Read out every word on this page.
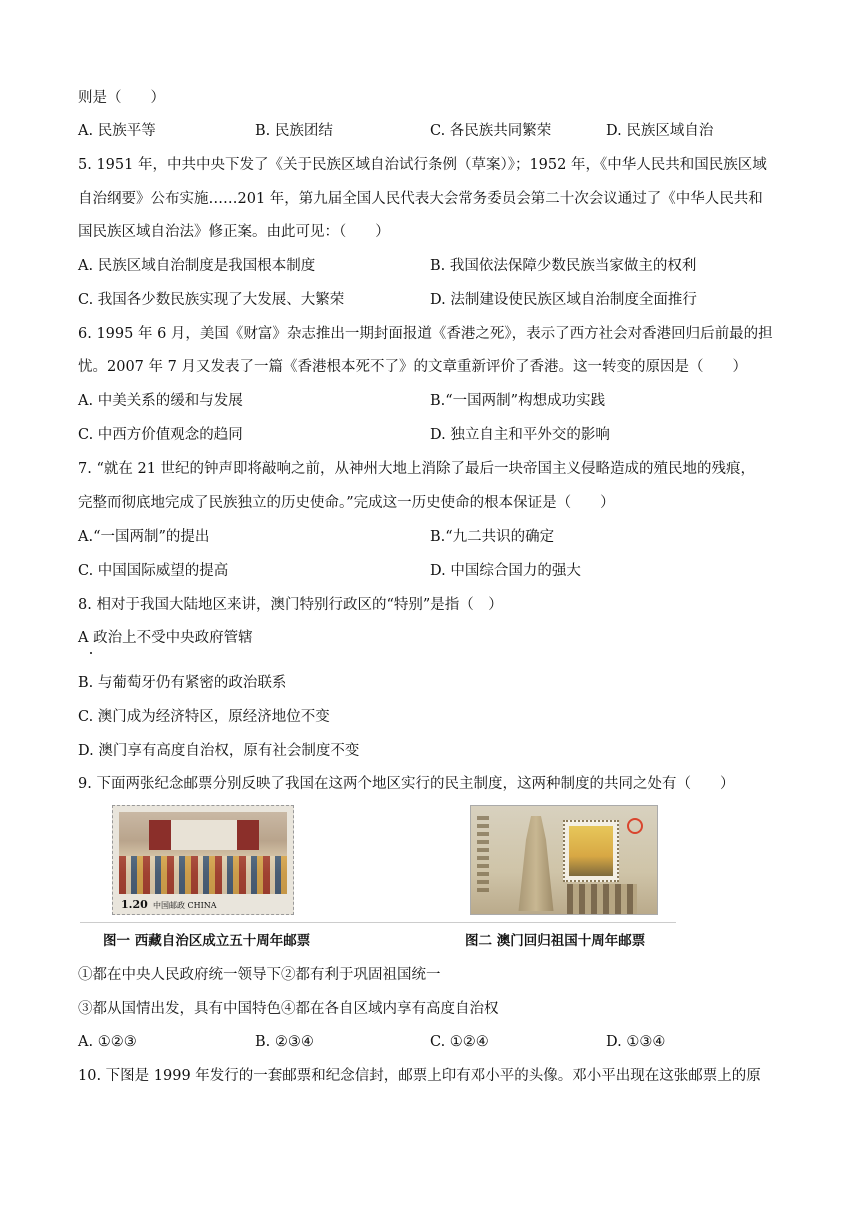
则是（　　）
A. 民族平等	B. 民族团结	C. 各民族共同繁荣	D. 民族区域自治
5. 1951 年，中共中央下发了《关于民族区域自治试行条例（草案）》；1952 年，《中华人民共和国民族区域
自治纲要》公布实施……201 年，第九届全国人民代表大会常务委员会第二十次会议通过了《中华人民共和
国民族区域自治法》修正案。由此可见：（　　）
A. 民族区域自治制度是我国根本制度	B. 我国依法保障少数民族当家做主的权利
C. 我国各少数民族实现了大发展、大繁荣	D. 法制建设使民族区域自治制度全面推行
6. 1995 年 6 月，美国《财富》杂志推出一期封面报道《香港之死》，表示了西方社会对香港回归后前最的担
忧。2007 年 7 月又发表了一篇《香港根本死不了》的文章重新评价了香港。这一转变的原因是（　　）
A. 中美关系的缓和与发展	B.“一国两制”构想成功实践
C. 中西方价值观念的趋同	D. 独立自主和平外交的影响
7. “就在 21 世纪的钟声即将敲响之前，从神州大地上消除了最后一块帝国主义侵略造成的殖民地的残痕，
完整而彻底地完成了民族独立的历史使命。”完成这一历史使命的根本保证是（　　）
A.“一国两制”的提出	B.“九二共识的确定
C. 中国国际威望的提高	D. 中国综合国力的强大
8. 相对于我国大陆地区来讲，澳门特别行政区的“特别”是指（　）
A 政治上不受中央政府管辖
B. 与葡萄牙仍有紧密的政治联系
C. 澳门成为经济特区，原经济地位不变
D. 澳门享有高度自治权，原有社会制度不变
9. 下面两张纪念邮票分别反映了我国在这两个地区实行的民主制度，这两种制度的共同之处有（　　）
1.20 中国邮政 CHINA
图一 西藏自治区成立五十周年邮票	图二 澳门回归祖国十周年邮票
①都在中央人民政府统一领导下②都有利于巩固祖国统一
③都从国情出发，具有中国特色④都在各自区域内享有高度自治权
A. ①②③	B. ②③④	C. ①②④	D. ①③④
10. 下图是 1999 年发行的一套邮票和纪念信封，邮票上印有邓小平的头像。邓小平出现在这张邮票上的原
